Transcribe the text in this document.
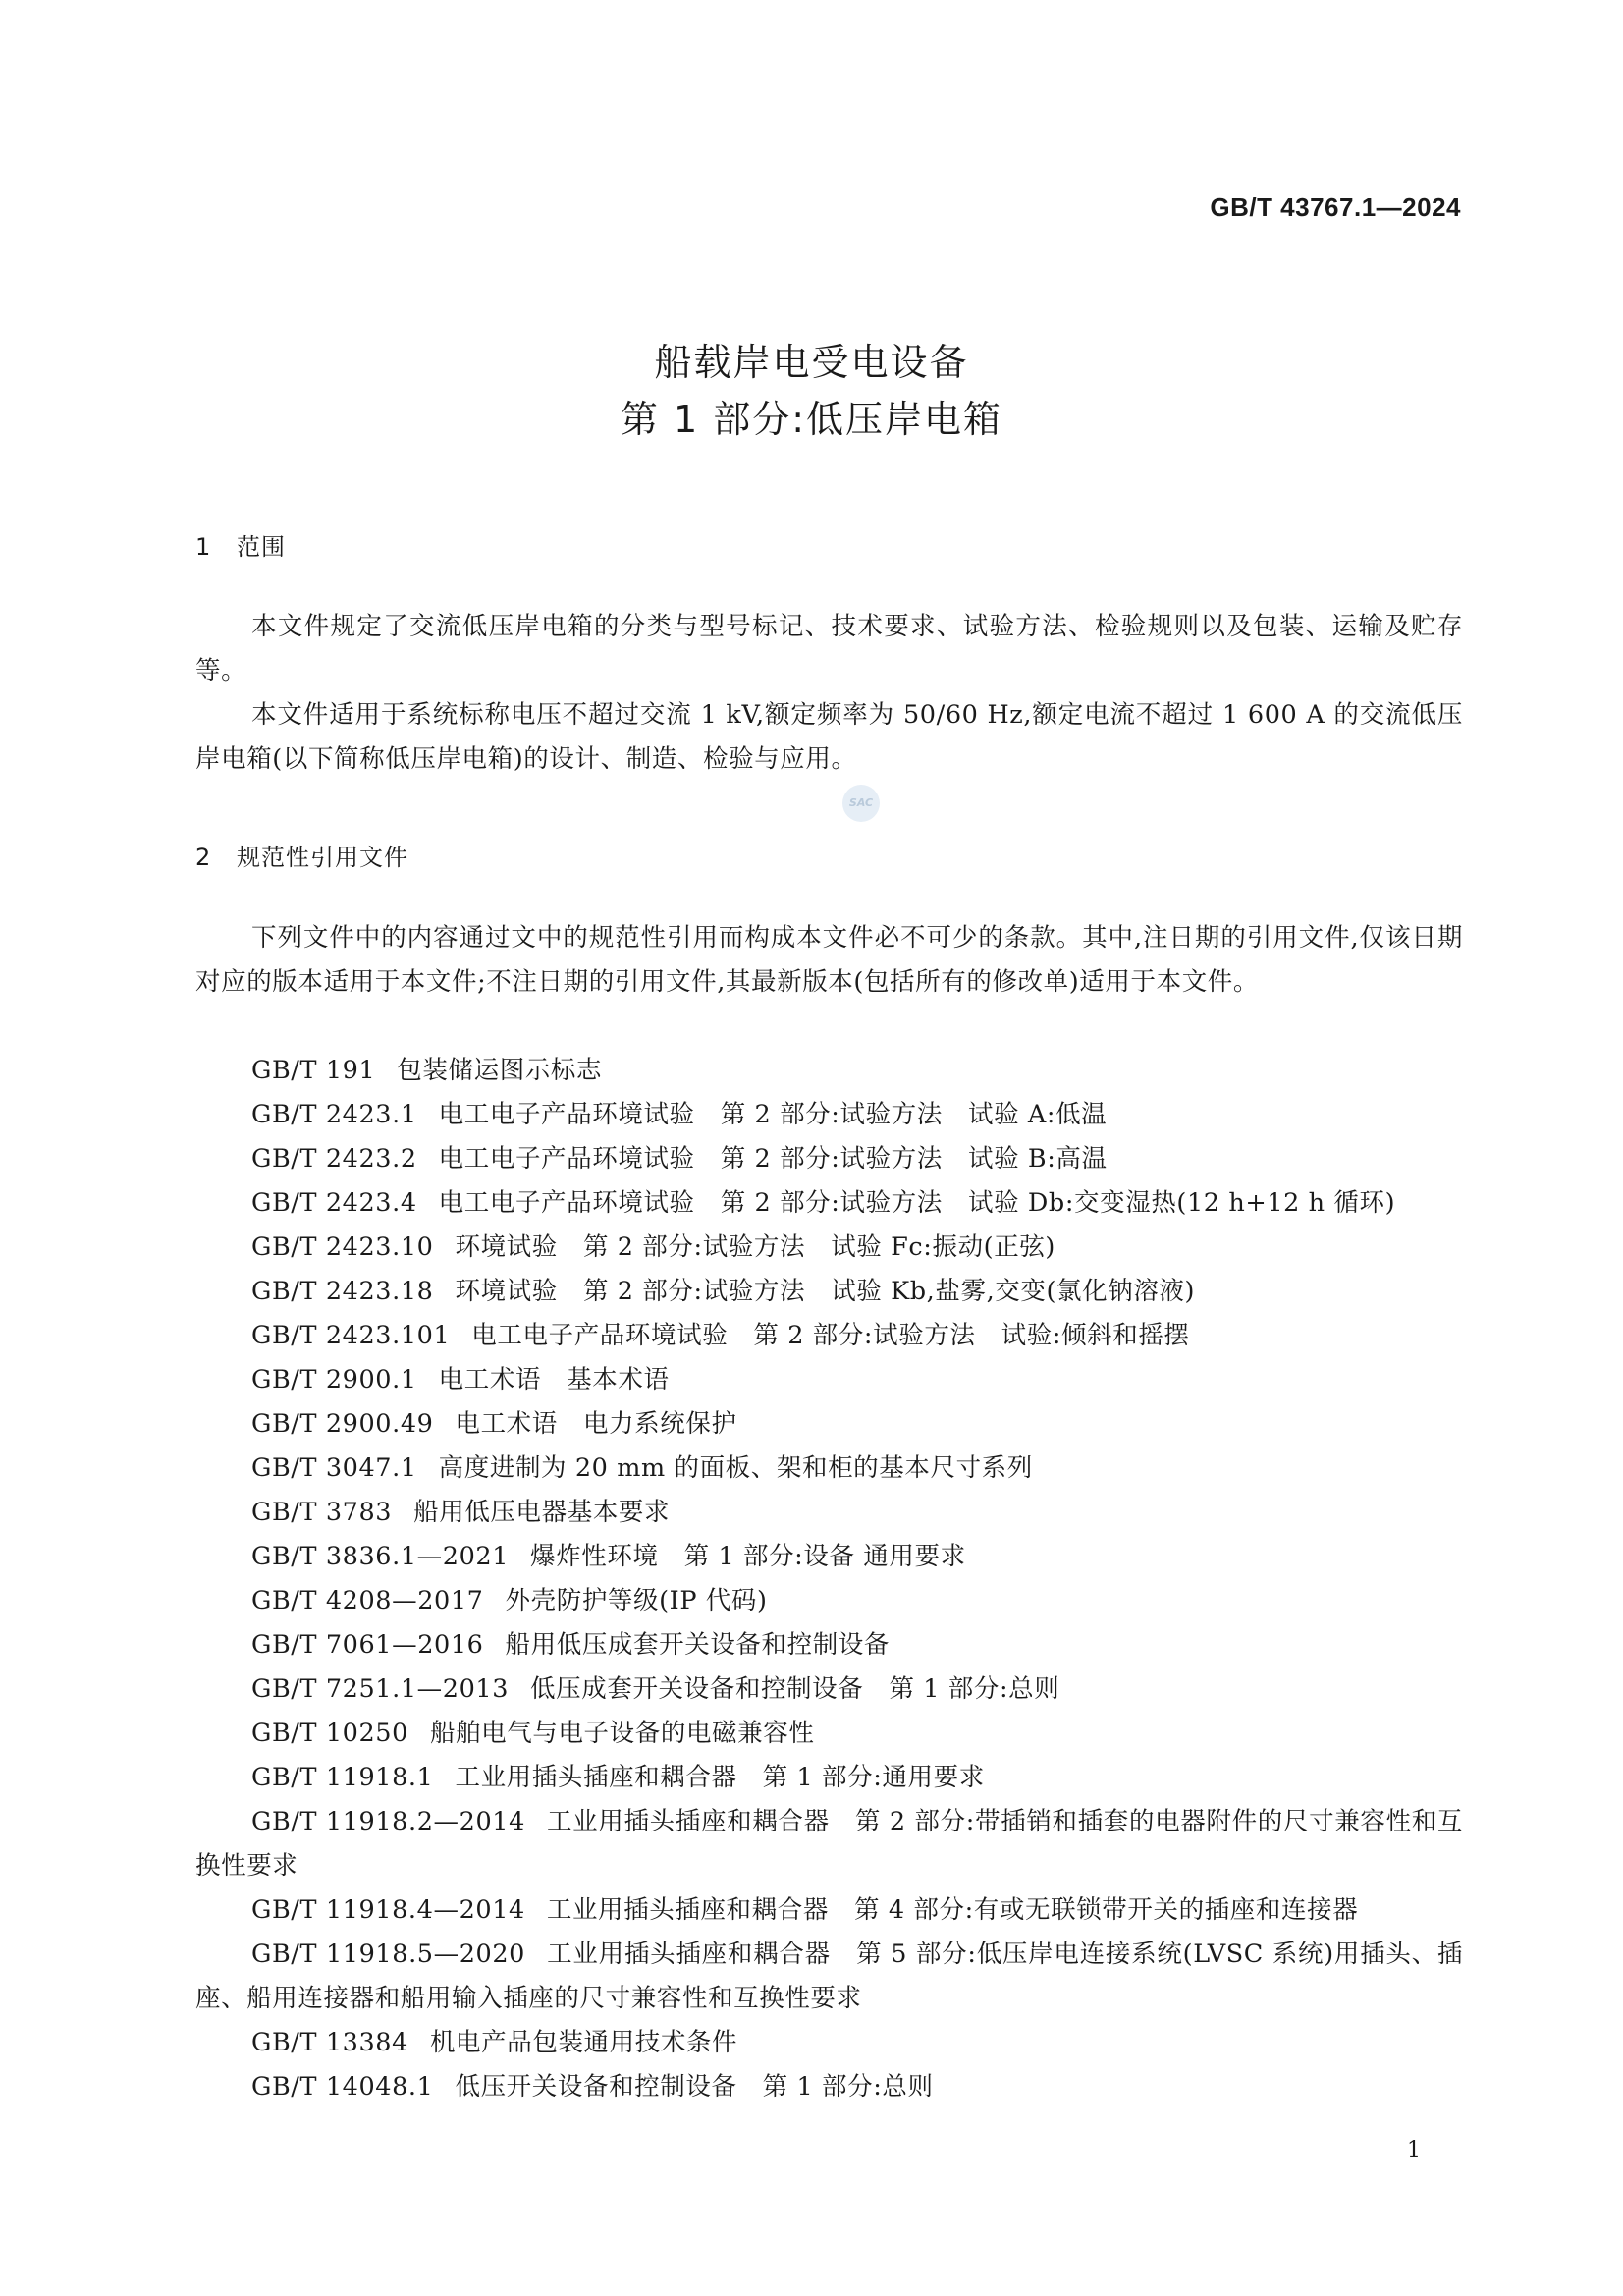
GB/T 43767.1—2024
船载岸电受电设备
第 1 部分:低压岸电箱
1 范围
本文件规定了交流低压岸电箱的分类与型号标记、技术要求、试验方法、检验规则以及包装、运输及贮存等。
本文件适用于系统标称电压不超过交流 1 kV,额定频率为 50/60 Hz,额定电流不超过 1 600 A 的交流低压岸电箱(以下简称低压岸电箱)的设计、制造、检验与应用。
SAC
2 规范性引用文件
下列文件中的内容通过文中的规范性引用而构成本文件必不可少的条款。其中,注日期的引用文件,仅该日期对应的版本适用于本文件;不注日期的引用文件,其最新版本(包括所有的修改单)适用于本文件。
GB/T 191 包装储运图示标志
GB/T 2423.1 电工电子产品环境试验　第 2 部分:试验方法　试验 A:低温
GB/T 2423.2 电工电子产品环境试验　第 2 部分:试验方法　试验 B:高温
GB/T 2423.4 电工电子产品环境试验　第 2 部分:试验方法　试验 Db:交变湿热(12 h+12 h 循环)
GB/T 2423.10 环境试验　第 2 部分:试验方法　试验 Fc:振动(正弦)
GB/T 2423.18 环境试验　第 2 部分:试验方法　试验 Kb,盐雾,交变(氯化钠溶液)
GB/T 2423.101 电工电子产品环境试验　第 2 部分:试验方法　试验:倾斜和摇摆
GB/T 2900.1 电工术语　基本术语
GB/T 2900.49 电工术语　电力系统保护
GB/T 3047.1 高度进制为 20 mm 的面板、架和柜的基本尺寸系列
GB/T 3783 船用低压电器基本要求
GB/T 3836.1—2021 爆炸性环境　第 1 部分:设备 通用要求
GB/T 4208—2017 外壳防护等级(IP 代码)
GB/T 7061—2016 船用低压成套开关设备和控制设备
GB/T 7251.1—2013 低压成套开关设备和控制设备　第 1 部分:总则
GB/T 10250 船舶电气与电子设备的电磁兼容性
GB/T 11918.1 工业用插头插座和耦合器　第 1 部分:通用要求
GB/T 11918.2—2014 工业用插头插座和耦合器　第 2 部分:带插销和插套的电器附件的尺寸兼容性和互换性要求
GB/T 11918.4—2014 工业用插头插座和耦合器　第 4 部分:有或无联锁带开关的插座和连接器
GB/T 11918.5—2020 工业用插头插座和耦合器　第 5 部分:低压岸电连接系统(LVSC 系统)用插头、插座、船用连接器和船用输入插座的尺寸兼容性和互换性要求
GB/T 13384 机电产品包装通用技术条件
GB/T 14048.1 低压开关设备和控制设备　第 1 部分:总则
1
